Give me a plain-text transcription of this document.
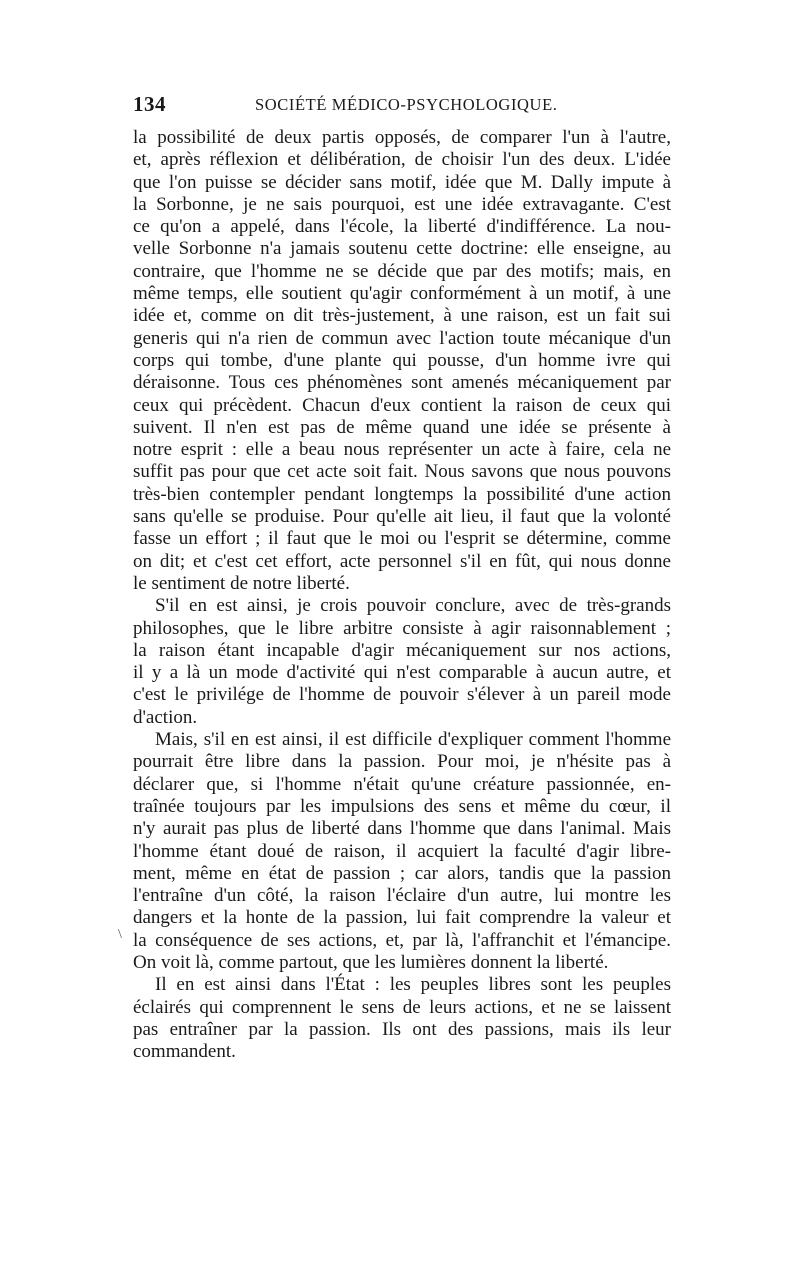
134	SOCIÉTÉ MÉDICO-PSYCHOLOGIQUE.

la possibilité de deux partis opposés, de comparer l'un à l'autre,
et, après réflexion et délibération, de choisir l'un des deux. L'idée
que l'on puisse se décider sans motif, idée que M. Dally impute à
la Sorbonne, je ne sais pourquoi, est une idée extravagante. C'est
ce qu'on a appelé, dans l'école, la liberté d'indifférence. La nou-
velle Sorbonne n'a jamais soutenu cette doctrine: elle enseigne, au
contraire, que l'homme ne se décide que par des motifs; mais, en
même temps, elle soutient qu'agir conformément à un motif, à une
idée et, comme on dit très-justement, à une raison, est un fait sui
generis qui n'a rien de commun avec l'action toute mécanique d'un
corps qui tombe, d'une plante qui pousse, d'un homme ivre qui
déraisonne. Tous ces phénomènes sont amenés mécaniquement par
ceux qui précèdent. Chacun d'eux contient la raison de ceux qui
suivent. Il n'en est pas de même quand une idée se présente à
notre esprit : elle a beau nous représenter un acte à faire, cela ne
suffit pas pour que cet acte soit fait. Nous savons que nous pouvons
très-bien contempler pendant longtemps la possibilité d'une action
sans qu'elle se produise. Pour qu'elle ait lieu, il faut que la volonté
fasse un effort ; il faut que le moi ou l'esprit se détermine, comme
on dit; et c'est cet effort, acte personnel s'il en fût, qui nous donne
le sentiment de notre liberté.

S'il en est ainsi, je crois pouvoir conclure, avec de très-grands
philosophes, que le libre arbitre consiste à agir raisonnablement ;
la raison étant incapable d'agir mécaniquement sur nos actions,
il y a là un mode d'activité qui n'est comparable à aucun autre, et
c'est le privilége de l'homme de pouvoir s'élever à un pareil mode
d'action.

Mais, s'il en est ainsi, il est difficile d'expliquer comment l'homme
pourrait être libre dans la passion. Pour moi, je n'hésite pas à
déclarer que, si l'homme n'était qu'une créature passionnée, en-
traînée toujours par les impulsions des sens et même du cœur, il
n'y aurait pas plus de liberté dans l'homme que dans l'animal. Mais
l'homme étant doué de raison, il acquiert la faculté d'agir libre-
ment, même en état de passion ; car alors, tandis que la passion
l'entraîne d'un côté, la raison l'éclaire d'un autre, lui montre les
dangers et la honte de la passion, lui fait comprendre la valeur et
la conséquence de ses actions, et, par là, l'affranchit et l'émancipe.
On voit là, comme partout, que les lumières donnent la liberté.

Il en est ainsi dans l'État : les peuples libres sont les peuples
éclairés qui comprennent le sens de leurs actions, et ne se laissent
pas entraîner par la passion. Ils ont des passions, mais ils leur
commandent.

\
